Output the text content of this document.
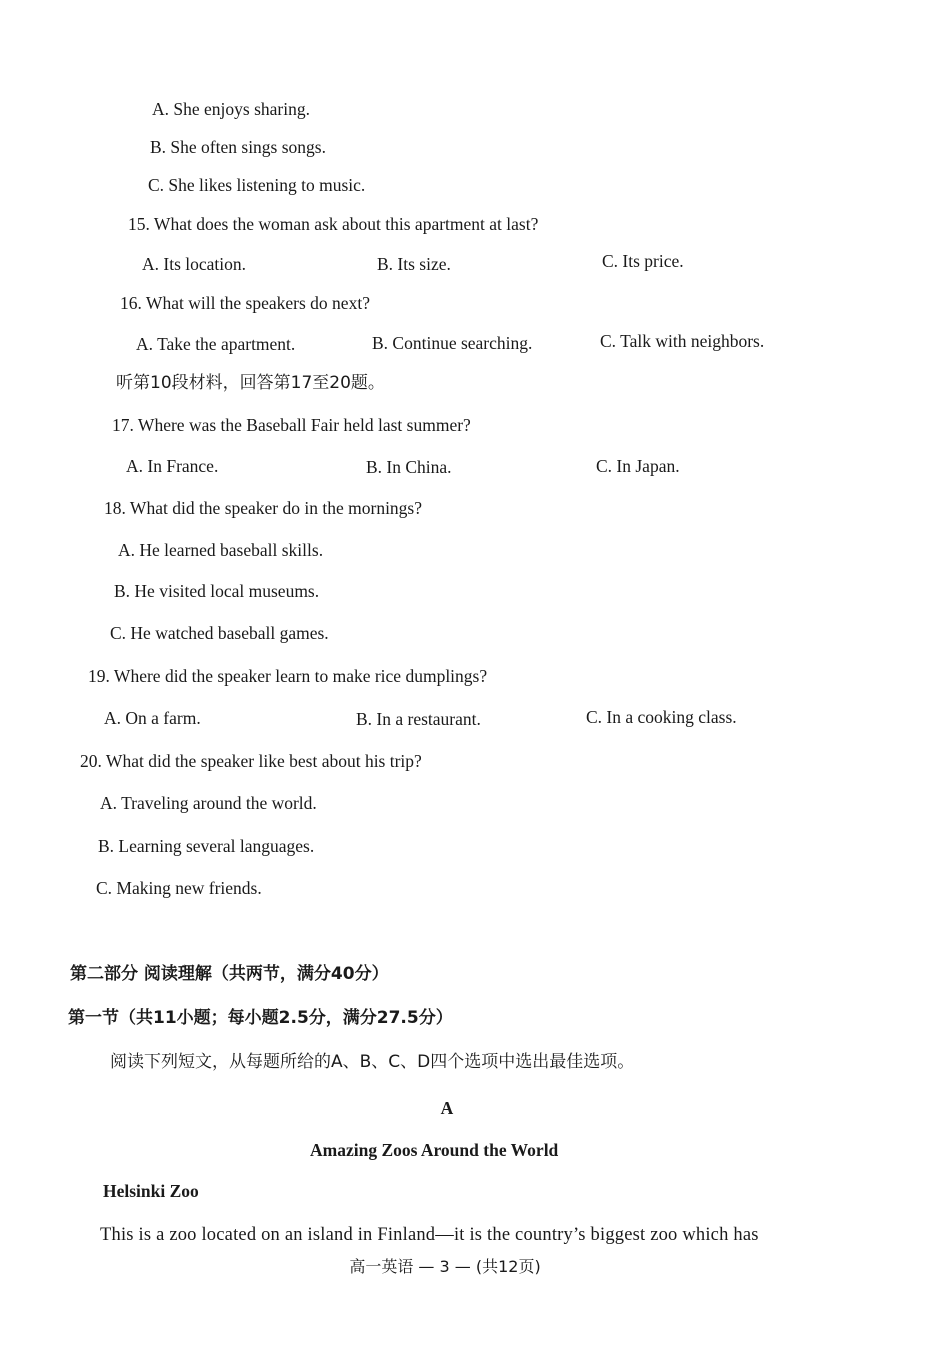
A. She enjoys sharing.
B. She often sings songs.
C. She likes listening to music.
15. What does the woman ask about this apartment at last?
A. Its location.	B. Its size.	C. Its price.
16. What will the speakers do next?
A. Take the apartment.	B. Continue searching.	C. Talk with neighbors.
听第10段材料，回答第17至20题。
17. Where was the Baseball Fair held last summer?
A. In France.	B. In China.	C. In Japan.
18. What did the speaker do in the mornings?
A. He learned baseball skills.
B. He visited local museums.
C. He watched baseball games.
19. Where did the speaker learn to make rice dumplings?
A. On a farm.	B. In a restaurant.	C. In a cooking class.
20. What did the speaker like best about his trip?
A. Traveling around the world.
B. Learning several languages.
C. Making new friends.
第二部分 阅读理解（共两节，满分40分）
第一节（共11小题；每小题2.5分，满分27.5分）
阅读下列短文，从每题所给的A、B、C、D四个选项中选出最佳选项。
A
Amazing Zoos Around the World
Helsinki Zoo
This is a zoo located on an island in Finland—it is the country’s biggest zoo which has
高一英语 — 3 — (共12页)
